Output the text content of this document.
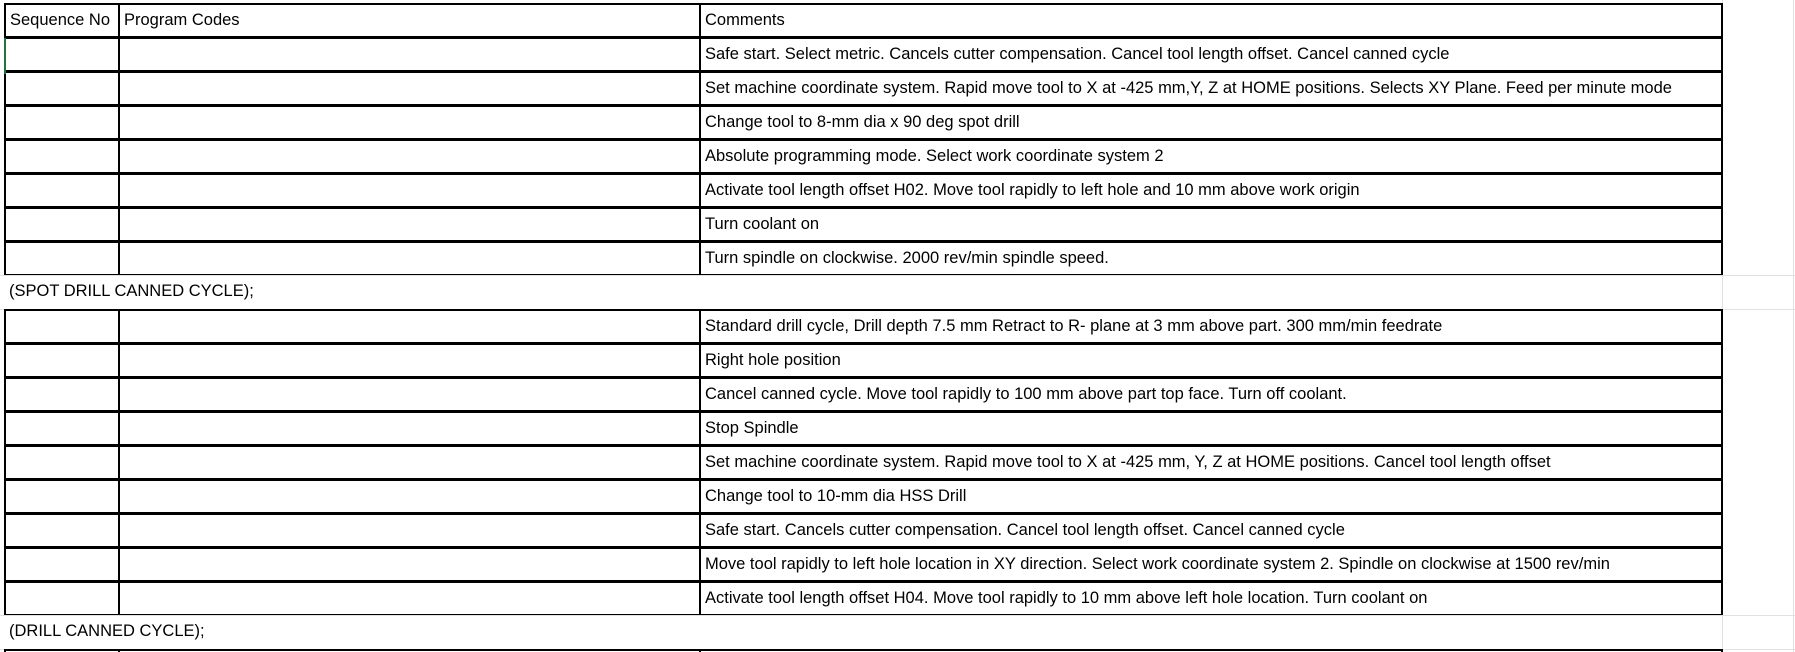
Sequence No Program Codes	Comments
Safe start. Select metric. Cancels cutter compensation. Cancel tool length offset. Cancel canned cycle
Set machine coordinate system. Rapid move tool to X at -425 mm,Y, Z at HOME positions. Selects XY Plane. Feed per minute mode
Change tool to 8-mm dia x 90 deg spot drill
Absolute programming mode. Select work coordinate system 2
Activate tool length offset H02. Move tool rapidly to left hole and 10 mm above work origin
Turn coolant on
Turn spindle on clockwise. 2000 rev/min spindle speed.
(SPOT DRILL CANNED CYCLE);
Standard drill cycle, Drill depth 7.5 mm Retract to R- plane at 3 mm above part. 300 mm/min feedrate
Right hole position
Cancel canned cycle. Move tool rapidly to 100 mm above part top face. Turn off coolant.
Stop Spindle
Set machine coordinate system. Rapid move tool to X at -425 mm, Y, Z at HOME positions. Cancel tool length offset
Change tool to 10-mm dia HSS Drill
Safe start. Cancels cutter compensation. Cancel tool length offset. Cancel canned cycle
Move tool rapidly to left hole location in XY direction. Select work coordinate system 2. Spindle on clockwise at 1500 rev/min
Activate tool length offset H04. Move tool rapidly to 10 mm above left hole location. Turn coolant on
(DRILL CANNED CYCLE);
